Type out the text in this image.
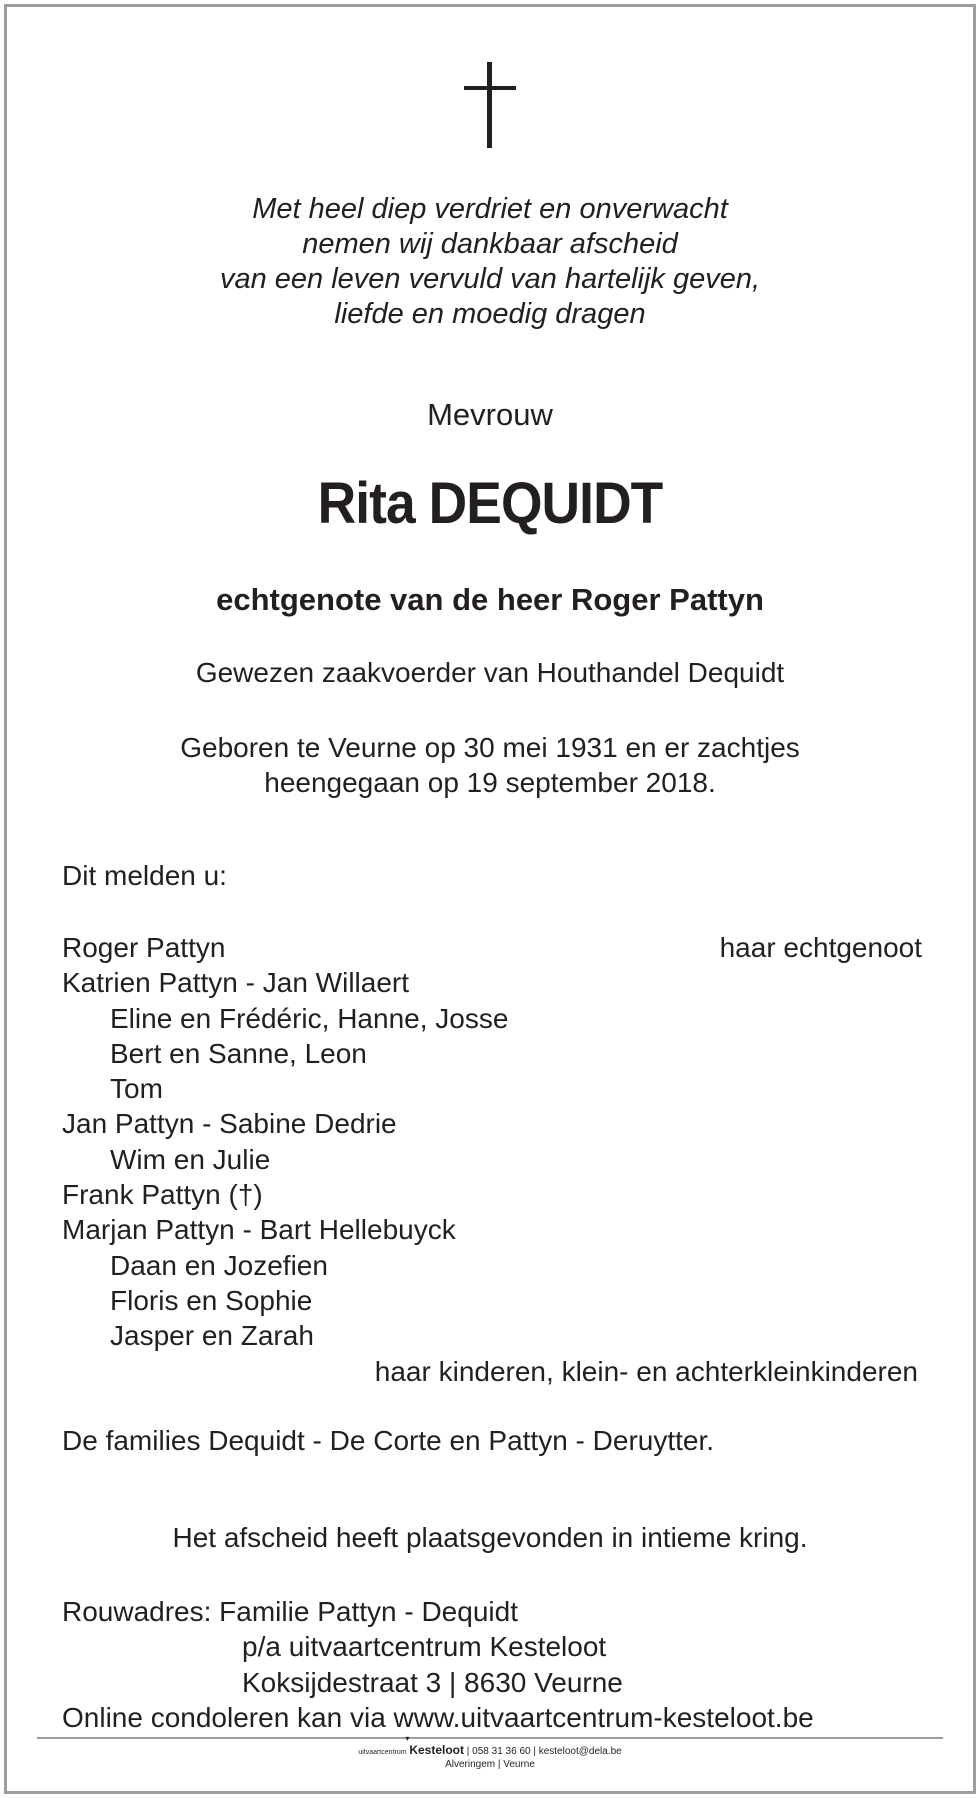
Met heel diep verdriet en onverwacht
nemen wij dankbaar afscheid
van een leven vervuld van hartelijk geven,
liefde en moedig dragen
Mevrouw
Rita DEQUIDT
echtgenote van de heer Roger Pattyn
Gewezen zaakvoerder van Houthandel Dequidt
Geboren te Veurne op 30 mei 1931 en er zachtjes
heengegaan op 19 september 2018.
Dit melden u:
Roger Pattyn	haar echtgenoot
Katrien Pattyn - Jan Willaert
Eline en Frédéric, Hanne, Josse
Bert en Sanne, Leon
Tom
Jan Pattyn - Sabine Dedrie
Wim en Julie
Frank Pattyn (†)
Marjan Pattyn - Bart Hellebuyck
Daan en Jozefien
Floris en Sophie
Jasper en Zarah
haar kinderen, klein- en achterkleinkinderen
De families Dequidt - De Corte en Pattyn - Deruytter.
Het afscheid heeft plaatsgevonden in intieme kring.
Rouwadres: Familie Pattyn - Dequidt
p/a uitvaartcentrum Kesteloot
Koksijdestraat 3 | 8630 Veurne
Online condoleren kan via www.uitvaartcentrum-kesteloot.be
uitvaartcentrum
▾
Kesteloot | 058 31 36 60 | kesteloot@dela.be
Alveringem | Veurne
